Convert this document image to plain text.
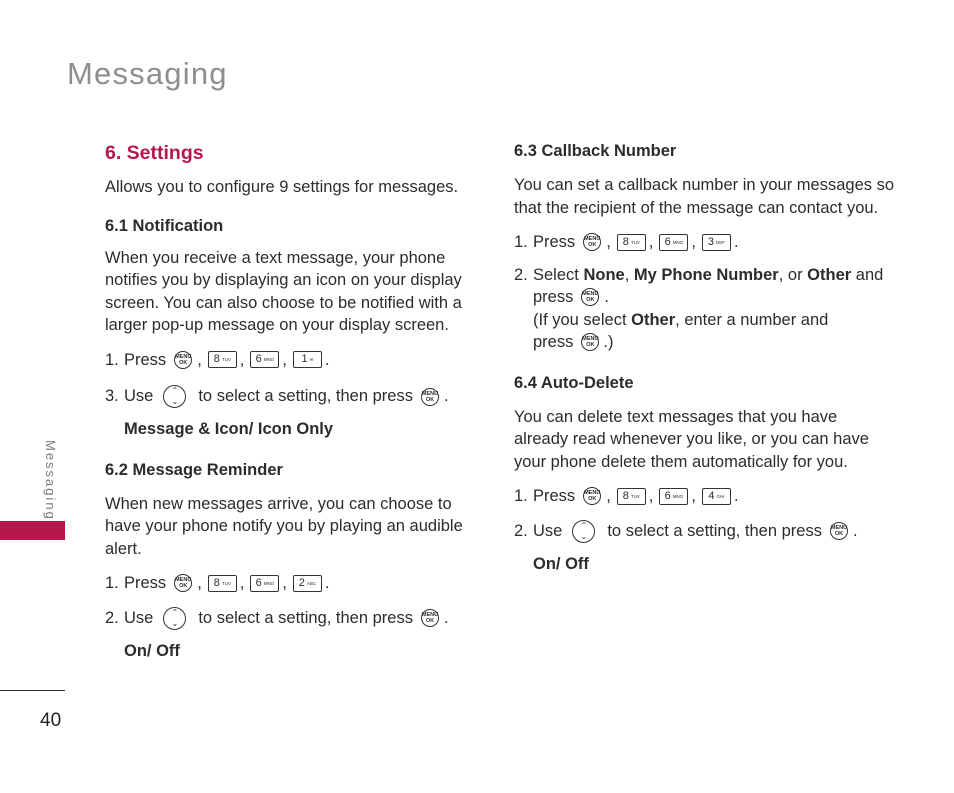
Messaging
Messaging
40
6. Settings

Allows you to configure 9 settings for messages.

6.1 Notification

When you receive a text message, your phone notifies you by displaying an icon on your display screen. You can also choose to be notified with a larger pop-up message on your display screen.

1. Press MENU
OK , 8 TUV , 6 MNO , 1 ✉ .
3. Use ⌃
⌄ to select a setting, then press MENU
OK .

Message & Icon/ Icon Only

6.2 Message Reminder

When new messages arrive, you can choose to have your phone notify you by playing an audible alert.

1. Press MENU
OK , 8 TUV , 6 MNO , 2 ABC .
2. Use ⌃
⌄ to select a setting, then press MENU
OK .

On/ Off

6.3 Callback Number

You can set a callback number in your messages so that the recipient of the message can contact you.

1. Press MENU
OK , 8 TUV , 6 MNO , 3 DEF .
2. Select
None , My Phone Number , or
Other
and
press MENU
OK .
(If you select
Other , enter a number and
press MENU
OK .)
6.4 Auto-Delete

You can delete text messages that you have already read whenever you like, or you can have your phone delete them automatically for you.

1. Press MENU
OK , 8 TUV , 6 MNO , 4 GHI .
2. Use ⌃
⌄ to select a setting, then press MENU
OK .

On/ Off
